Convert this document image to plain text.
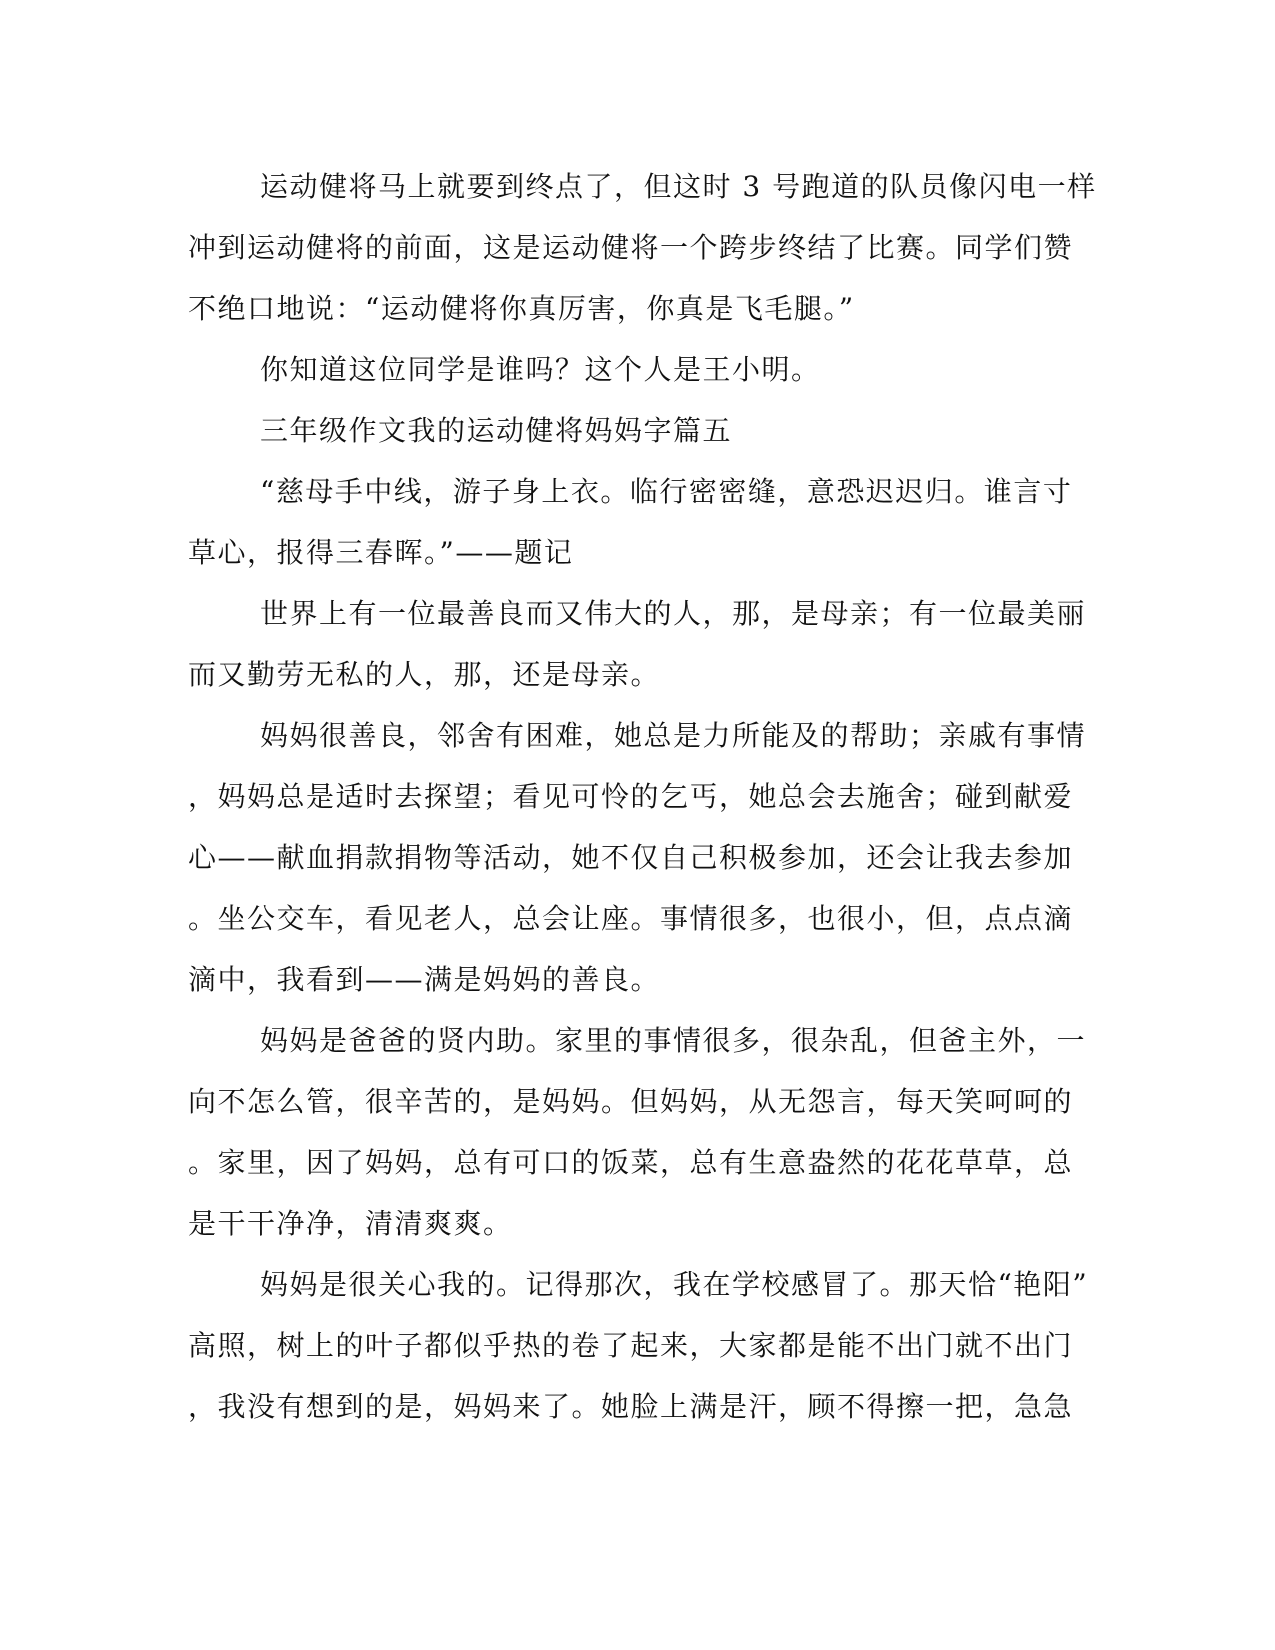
运动健将马上就要到终点了，但这时 3 号跑道的队员像闪电一样
冲到运动健将的前面，这是运动健将一个跨步终结了比赛。同学们赞
不绝口地说：“运动健将你真厉害，你真是飞毛腿。”
你知道这位同学是谁吗？这个人是王小明。
三年级作文我的运动健将妈妈字篇五
“慈母手中线，游子身上衣。临行密密缝，意恐迟迟归。谁言寸
草心，报得三春晖。”——题记
世界上有一位最善良而又伟大的人，那，是母亲；有一位最美丽
而又勤劳无私的人，那，还是母亲。
妈妈很善良，邻舍有困难，她总是力所能及的帮助；亲戚有事情
，妈妈总是适时去探望；看见可怜的乞丐，她总会去施舍；碰到献爱
心——献血捐款捐物等活动，她不仅自己积极参加，还会让我去参加
。坐公交车，看见老人，总会让座。事情很多，也很小，但，点点滴
滴中，我看到——满是妈妈的善良。
妈妈是爸爸的贤内助。家里的事情很多，很杂乱，但爸主外，一
向不怎么管，很辛苦的，是妈妈。但妈妈，从无怨言，每天笑呵呵的
。家里，因了妈妈，总有可口的饭菜，总有生意盎然的花花草草，总
是干干净净，清清爽爽。
妈妈是很关心我的。记得那次，我在学校感冒了。那天恰“艳阳”
高照，树上的叶子都似乎热的卷了起来，大家都是能不出门就不出门
，我没有想到的是，妈妈来了。她脸上满是汗，顾不得擦一把，急急
